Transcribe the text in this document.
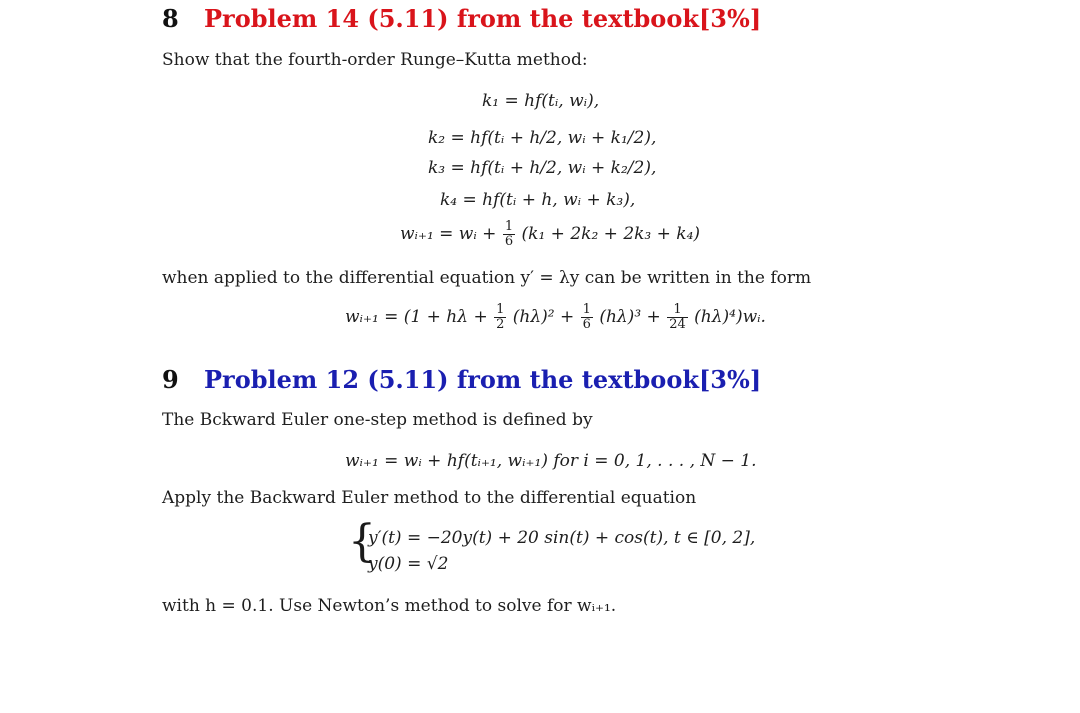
8 Problem 14 (5.11) from the textbook[3%]
Show that the fourth-order Runge–Kutta method:
k₁ = hf(tᵢ, wᵢ),
k₂ = hf(tᵢ + h/2, wᵢ + k₁/2),
k₃ = hf(tᵢ + h/2, wᵢ + k₂/2),
k₄ = hf(tᵢ + h, wᵢ + k₃),
wᵢ₊₁ = wᵢ + $\frac{1}{6} (k_1 + 2k_2 + 2k_3 + k_4)$
when applied to the differential equation y′ = λy can be written in the form
wᵢ₊₁ = ($1 + h\lambda + \frac{1}{2} (h\lambda)^2 + \frac{1}{6} (h\lambda)^3 + \frac{1}{24}$ (hλ)⁴)wᵢ.
9 Problem 12 (5.11) from the textbook[3%]
The Bckward Euler one-step method is defined by
wᵢ₊₁ = wᵢ + hf(tᵢ₊₁, wᵢ₊₁) for i = 0, 1, . . . , N − 1.
Apply the Backward Euler method to the differential equation
{
y′(t) = −20y(t) + 20 sin(t) + cos(t), t ∈ [0, 2],
y(0) = √2
with h = 0.1. Use Newton’s method to solve for wᵢ₊₁.
